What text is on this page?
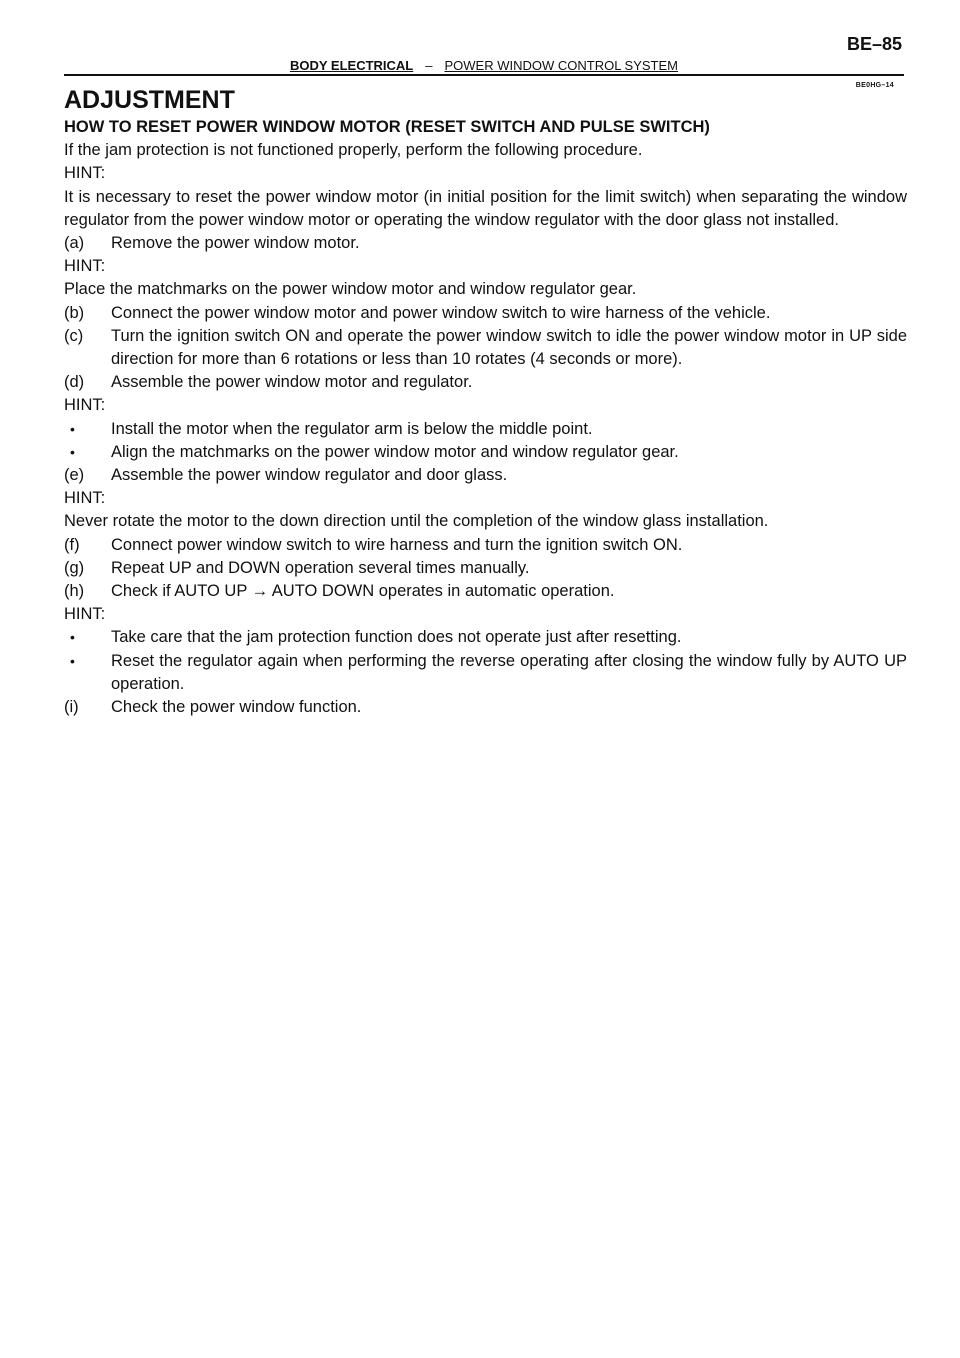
BE–85
BODY ELECTRICAL – POWER WINDOW CONTROL SYSTEM
BE0HG–14
ADJUSTMENT
HOW TO RESET POWER WINDOW MOTOR (RESET SWITCH AND PULSE SWITCH)

If the jam protection is not functioned properly, perform the following procedure.

HINT:

It is necessary to reset the power window motor (in initial position for the limit switch) when separating the window regulator from the power window motor or operating the window regulator with the door glass not installed.

(a)	Remove the power window motor.

HINT:

Place the matchmarks on the power window motor and window regulator gear.

(b)	Connect the power window motor and power window switch to wire harness of the vehicle.
(c)	Turn the ignition switch ON and operate the power window switch to idle the power window motor in UP side direction for more than 6 rotations or less than 10 rotates (4 seconds or more).
(d)	Assemble the power window motor and regulator.

HINT:

•	Install the motor when the regulator arm is below the middle point.
•	Align the matchmarks on the power window motor and window regulator gear.
(e)	Assemble the power window regulator and door glass.

HINT:

Never rotate the motor to the down direction until the completion of the window glass installation.

(f)	Connect power window switch to wire harness and turn the ignition switch ON.
(g)	Repeat UP and DOWN operation several times manually.
(h)	Check if AUTO UP → AUTO DOWN operates in automatic operation.

HINT:

•	Take care that the jam protection function does not operate just after resetting.
•	Reset the regulator again when performing the reverse operating after closing the window fully by AUTO UP operation.
(i)	Check the power window function.
